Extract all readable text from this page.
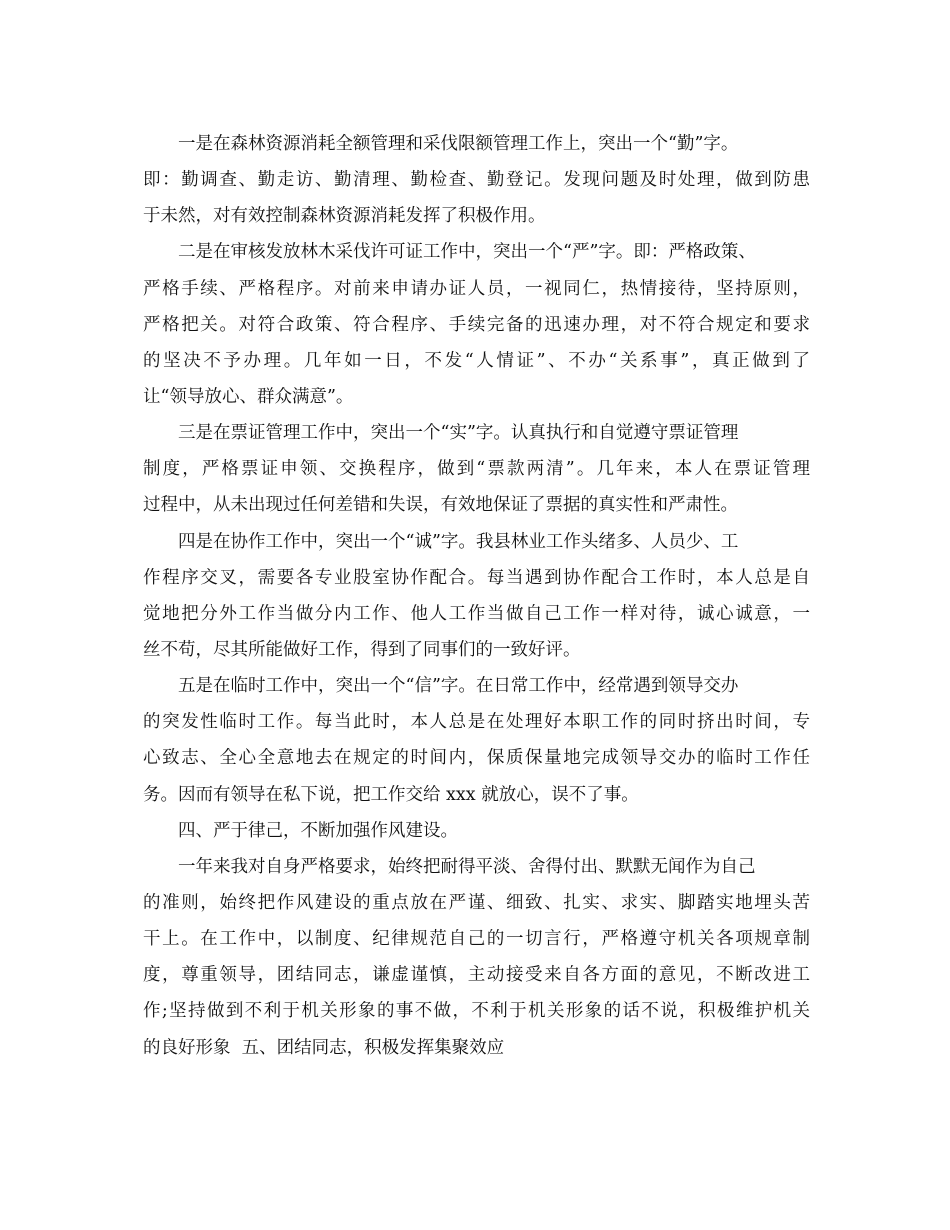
一是在森林资源消耗全额管理和采伐限额管理工作上，突出一个“勤”字。
即：勤调查、勤走访、勤清理、勤检查、勤登记。发现问题及时处理，做到防患
于未然，对有效控制森林资源消耗发挥了积极作用。
二是在审核发放林木采伐许可证工作中，突出一个“严”字。即：严格政策、
严格手续、严格程序。对前来申请办证人员，一视同仁，热情接待，坚持原则，
严格把关。对符合政策、符合程序、手续完备的迅速办理，对不符合规定和要求
的坚决不予办理。几年如一日，不发“人情证”、不办“关系事”，真正做到了
让“领导放心、群众满意”。
三是在票证管理工作中，突出一个“实”字。认真执行和自觉遵守票证管理
制度，严格票证申领、交换程序，做到“票款两清”。几年来，本人在票证管理
过程中，从未出现过任何差错和失误，有效地保证了票据的真实性和严肃性。
四是在协作工作中，突出一个“诚”字。我县林业工作头绪多、人员少、工
作程序交叉，需要各专业股室协作配合。每当遇到协作配合工作时，本人总是自
觉地把分外工作当做分内工作、他人工作当做自己工作一样对待，诚心诚意，一
丝不苟，尽其所能做好工作，得到了同事们的一致好评。
五是在临时工作中，突出一个“信”字。在日常工作中，经常遇到领导交办
的突发性临时工作。每当此时，本人总是在处理好本职工作的同时挤出时间，专
心致志、全心全意地去在规定的时间内，保质保量地完成领导交办的临时工作任
务。因而有领导在私下说，把工作交给 xxx 就放心，误不了事。
四、严于律己，不断加强作风建设。
一年来我对自身严格要求，始终把耐得平淡、舍得付出、默默无闻作为自己
的准则，始终把作风建设的重点放在严谨、细致、扎实、求实、脚踏实地埋头苦
干上。在工作中，以制度、纪律规范自己的一切言行，严格遵守机关各项规章制
度，尊重领导，团结同志，谦虚谨慎，主动接受来自各方面的意见，不断改进工
作;坚持做到不利于机关形象的事不做，不利于机关形象的话不说，积极维护机关
的良好形象  五、团结同志，积极发挥集聚效应
